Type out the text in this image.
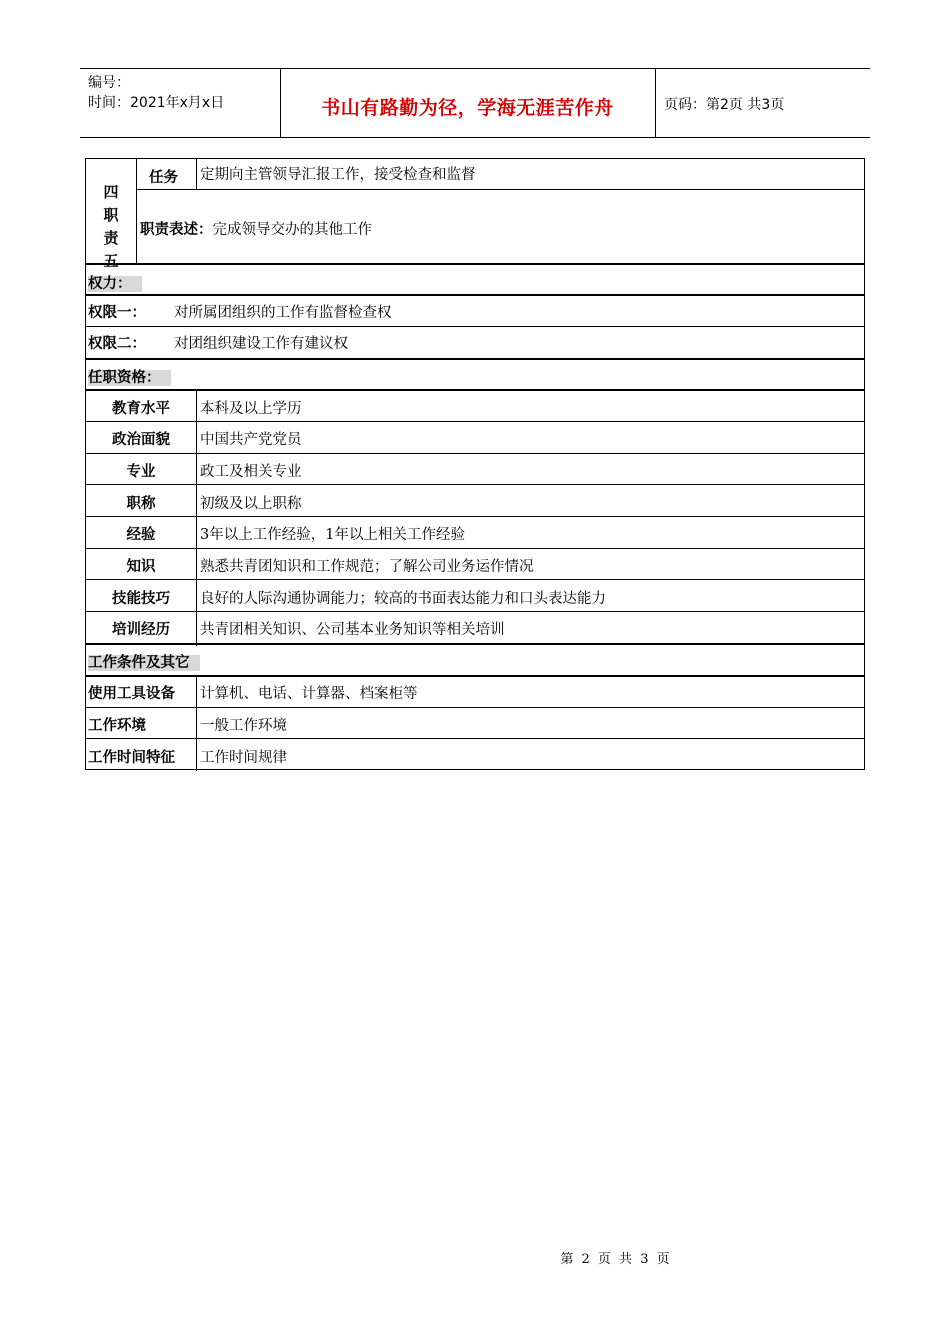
编号：
时间：2021年x月x日	书山有路勤为径，学海无涯苦作舟	页码：第2页 共3页
四职责五
任务 定期向主管领导汇报工作，接受检查和监督
职责表述：完成领导交办的其他工作
权力：
权限一： 对所属团组织的工作有监督检查权
权限二： 对团组织建设工作有建议权
任职资格：
教育水平	本科及以上学历
政治面貌	中国共产党党员
专业	政工及相关专业
职称	初级及以上职称
经验	3年以上工作经验，1年以上相关工作经验
知识	熟悉共青团知识和工作规范；了解公司业务运作情况
技能技巧	良好的人际沟通协调能力；较高的书面表达能力和口头表达能力
培训经历	共青团相关知识、公司基本业务知识等相关培训
工作条件及其它
使用工具设备 计算机、电话、计算器、档案柜等
工作环境	一般工作环境
工作时间特征 工作时间规律
第 2 页 共 3 页
